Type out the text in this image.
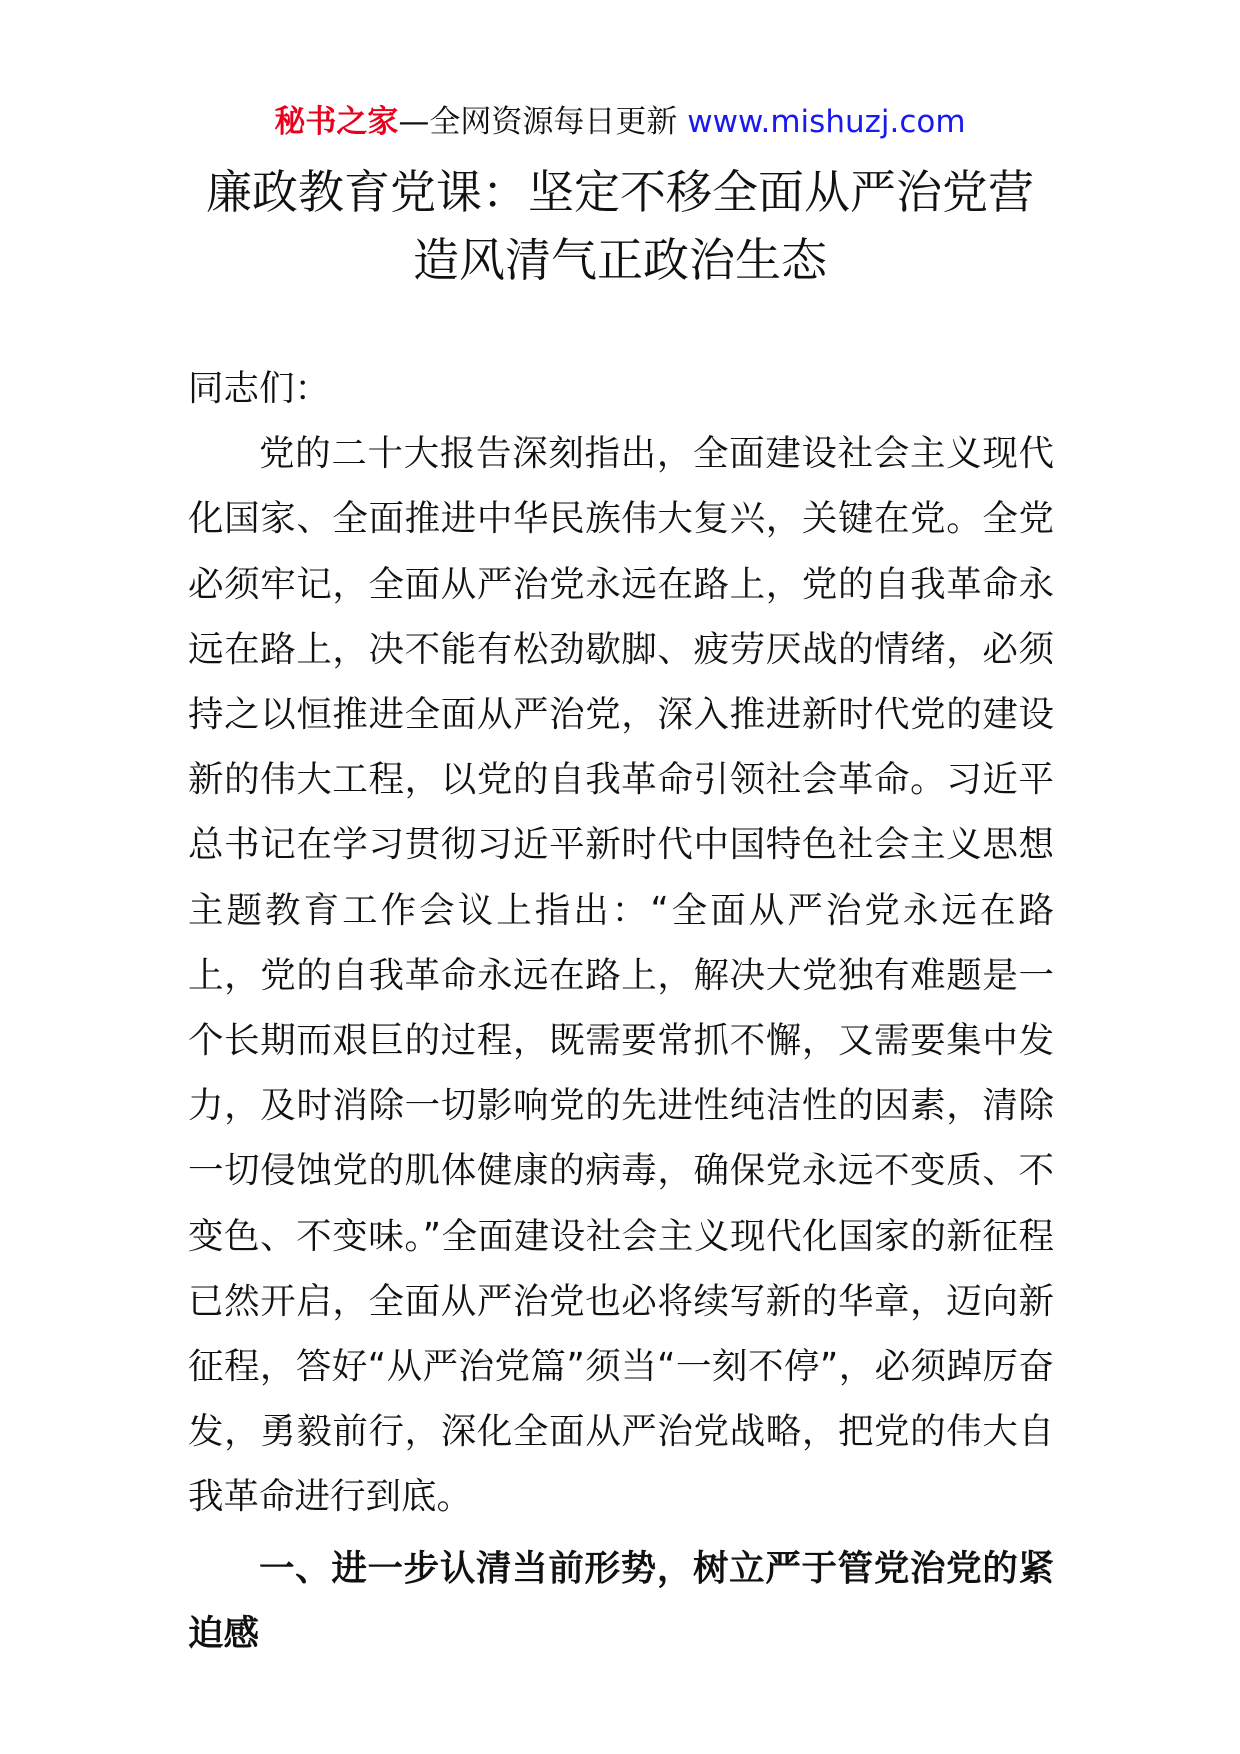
秘书之家—全网资源每日更新 www.mishuzj.com
廉政教育党课：坚定不移全面从严治党营
造风清气正政治生态

同志们：

党的二十大报告深刻指出，全面建设社会主义现代化国家、全面推进中华民族伟大复兴，关键在党。全党必须牢记，全面从严治党永远在路上，党的自我革命永远在路上，决不能有松劲歇脚、疲劳厌战的情绪，必须持之以恒推进全面从严治党，深入推进新时代党的建设新的伟大工程，以党的自我革命引领社会革命。习近平总书记在学习贯彻习近平新时代中国特色社会主义思想主题教育工作会议上指出：“全面从严治党永远在路上，党的自我革命永远在路上，解决大党独有难题是一个长期而艰巨的过程，既需要常抓不懈，又需要集中发力，及时消除一切影响党的先进性纯洁性的因素，清除一切侵蚀党的肌体健康的病毒，确保党永远不变质、不变色、不变味。”全面建设社会主义现代化国家的新征程已然开启，全面从严治党也必将续写新的华章，迈向新征程，答好“从严治党篇”须当“一刻不停”，必须踔厉奋发，勇毅前行，深化全面从严治党战略，把党的伟大自我革命进行到底。

一、进一步认清当前形势，树立严于管党治党的紧迫感
